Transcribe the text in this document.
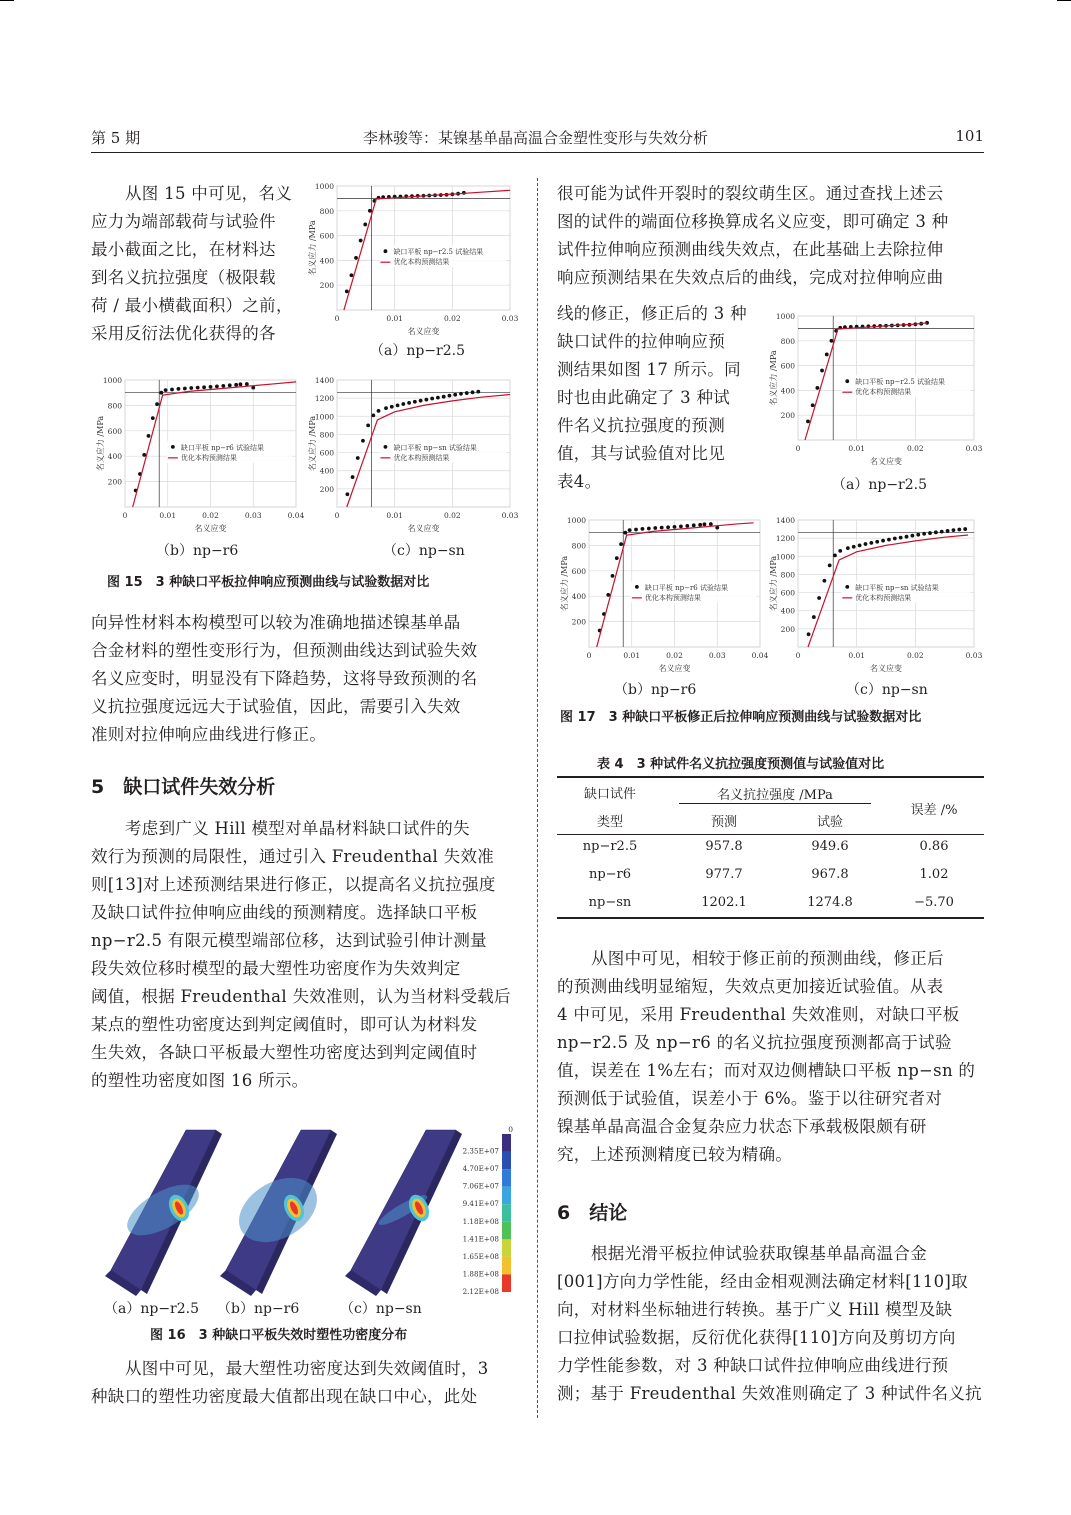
第 5 期	李林骏等：某镍基单晶高温合金塑性变形与失效分析	101
从图 15 中可见，名义
应力为端部载荷与试验件
最小截面之比，在材料达
到名义抗拉强度（极限载
荷 / 最小横截面积）之前，
采用反衍法优化获得的各
0	0.01	0.02	0.03
200
400
600
800
1000
名义应变
名义应力 /MPa	缺口平板 np−r2.5 试验结果
优化本构预测结果
（a）np−r2.5
0	0.01	0.02	0.03	0.04
200
400
600
800
1000
名义应变
名义应力 /MPa	缺口平板 np−r6 试验结果
优化本构预测结果
0	0.01	0.02	0.03
200
400
600
800
1000
1200
1400
名义应变
名义应力 /MPa	缺口平板 np−sn 试验结果
优化本构预测结果
（b）np−r6	（c）np−sn
图 15　3 种缺口平板拉伸响应预测曲线与试验数据对比
向异性材料本构模型可以较为准确地描述镍基单晶
合金材料的塑性变形行为，但预测曲线达到试验失效
名义应变时，明显没有下降趋势，这将导致预测的名
义抗拉强度远远大于试验值，因此，需要引入失效
准则对拉伸响应曲线进行修正。
5　缺口试件失效分析
考虑到广义 Hill 模型对单晶材料缺口试件的失
效行为预测的局限性，通过引入 Freudenthal 失效准
则[13]对上述预测结果进行修正，以提高名义抗拉强度
及缺口试件拉伸响应曲线的预测精度。选择缺口平板
np−r2.5 有限元模型端部位移，达到试验引伸计测量
段失效位移时模型的最大塑性功密度作为失效判定
阈值，根据 Freudenthal 失效准则，认为当材料受载后
某点的塑性功密度达到判定阈值时，即可认为材料发
生失效，各缺口平板最大塑性功密度达到判定阈值时
的塑性功密度如图 16 所示。
0
2.35E+07
4.70E+07
7.06E+07
9.41E+07
1.18E+08
1.41E+08
1.65E+08
1.88E+08
2.12E+08
（a）np−r2.5 （b）np−r6	（c）np−sn
图 16　3 种缺口平板失效时塑性功密度分布
从图中可见，最大塑性功密度达到失效阈值时，3
种缺口的塑性功密度最大值都出现在缺口中心，此处
很可能为试件开裂时的裂纹萌生区。通过查找上述云
图的试件的端面位移换算成名义应变，即可确定 3 种
试件拉伸响应预测曲线失效点，在此基础上去除拉伸
响应预测结果在失效点后的曲线，完成对拉伸响应曲
线的修正，修正后的 3 种
缺口试件的拉伸响应预
测结果如图 17 所示。同
时也由此确定了 3 种试
件名义抗拉强度的预测
值，其与试验值对比见
表4。
0	0.01	0.02	0.03
200
400
600
800
1000
名义应变
名义应力 /MPa	缺口平板 np−r2.5 试验结果
优化本构预测结果
（a）np−r2.5
0	0.01	0.02	0.03	0.04
200
400
600
800
1000
名义应变
名义应力 /MPa	缺口平板 np−r6 试验结果
优化本构预测结果
0	0.01	0.02	0.03
200
400
600
800
1000
1200
1400
名义应变
名义应力 /MPa	缺口平板 np−sn 试验结果
优化本构预测结果
（b）np−r6	（c）np−sn
图 17　3 种缺口平板修正后拉伸响应预测曲线与试验数据对比
表 4　3 种试件名义抗拉强度预测值与试验值对比
缺口试件
类型
名义抗拉强度 /MPa
预测	试验
误差 /%
np−r2.5	957.8	949.6	0.86
np−r6	977.7	967.8	1.02
np−sn	1202.1	1274.8	−5.70
从图中可见，相较于修正前的预测曲线，修正后
的预测曲线明显缩短，失效点更加接近试验值。从表
4 中可见，采用 Freudenthal 失效准则，对缺口平板
np−r2.5 及 np−r6 的名义抗拉强度预测都高于试验
值，误差在 1%左右；而对双边侧槽缺口平板 np−sn 的
预测低于试验值，误差小于 6%。鉴于以往研究者对
镍基单晶高温合金复杂应力状态下承载极限颇有研
究，上述预测精度已较为精确。
6　结论
根据光滑平板拉伸试验获取镍基单晶高温合金
[001]方向力学性能，经由金相观测法确定材料[110]取
向，对材料坐标轴进行转换。基于广义 Hill 模型及缺
口拉伸试验数据，反衍优化获得[110]方向及剪切方向
力学性能参数，对 3 种缺口试件拉伸响应曲线进行预
测；基于 Freudenthal 失效准则确定了 3 种试件名义抗
